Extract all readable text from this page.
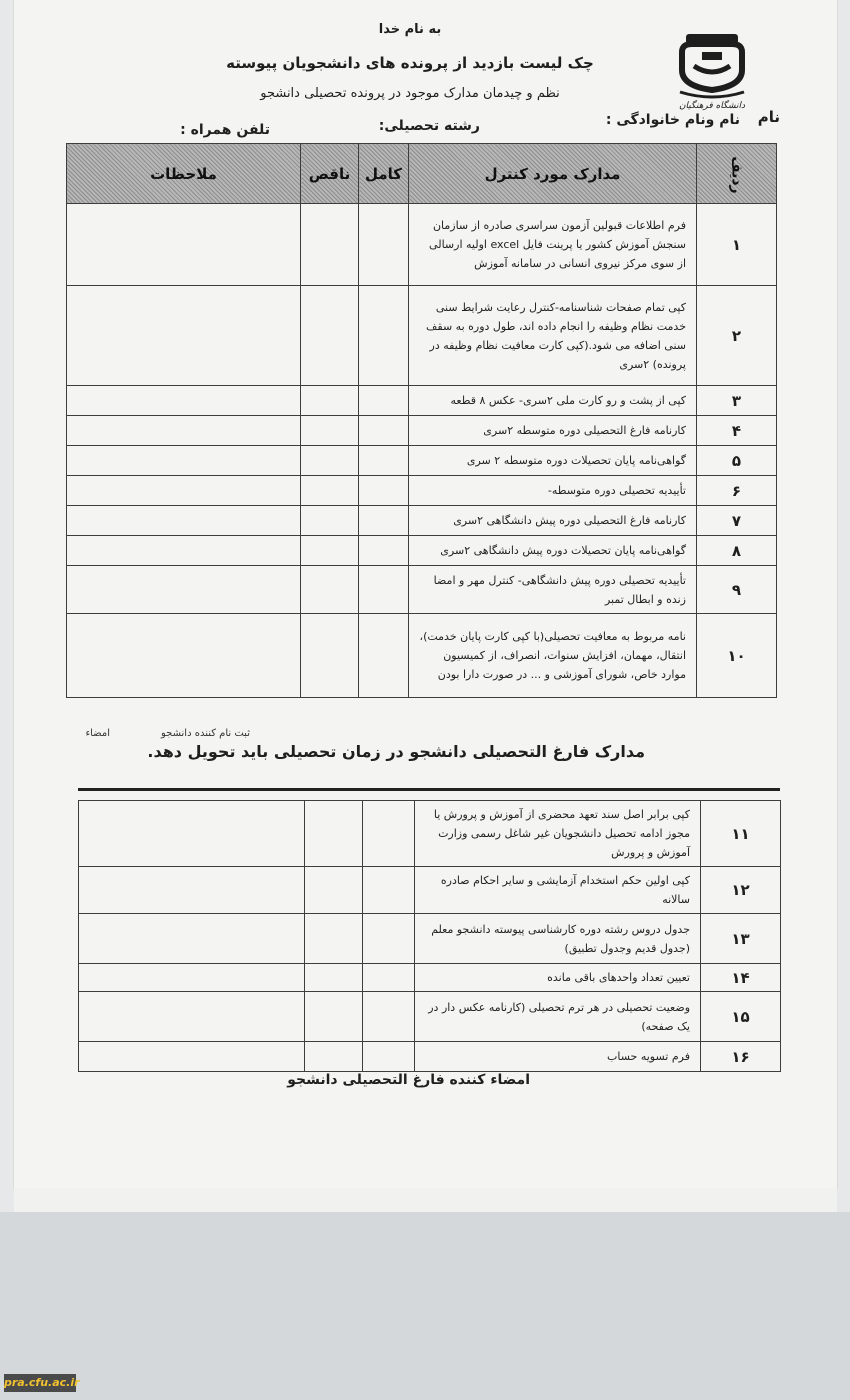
دانشگاه فرهنگیان
به نام خدا
چک لیست بازدید از پرونده های دانشجویان پیوسته
نظم و چیدمان مدارک موجود در پرونده تحصیلی دانشجو
نام
نام ونام خانوادگی :
رشته تحصیلی:
تلفن همراه :
ردیف	مدارک مورد کنترل	کامل	ناقص	ملاحظات
۱	فرم اطلاعات قبولین آزمون سراسری صادره از سازمان سنجش آموزش کشور یا پرینت فایل excel اولیه ارسالی از سوی مرکز نیروی انسانی در سامانه آموزش			
۲	کپی تمام صفحات شناسنامه-کنترل رعایت شرایط سنی خدمت نظام وظیفه را انجام داده اند، طول دوره به سقف سنی اضافه می شود.(کپی کارت معافیت نظام وظیفه در پرونده) ۲سری			
۳	کپی از پشت و رو کارت ملی ۲سری- عکس ۸ قطعه			
۴	کارنامه فارغ التحصیلی دوره متوسطه ۲سری			
۵	گواهی‌نامه پایان تحصیلات دوره متوسطه ۲ سری			
۶	تأییدیه تحصیلی دوره متوسطه-			
۷	کارنامه فارغ التحصیلی دوره پیش دانشگاهی ۲سری			
۸	گواهی‌نامه پایان تحصیلات دوره پیش دانشگاهی ۲سری			
۹	تأییدیه تحصیلی دوره پیش دانشگاهی- کنترل مهر و امضا زنده و ابطال تمبر			
۱۰	نامه مربوط به معافیت تحصیلی(با کپی کارت پایان خدمت)، انتقال، مهمان، افزایش سنوات، انصراف، از کمیسیون موارد خاص، شورای آموزشی و ... در صورت دارا بودن			
ثبت نام کننده دانشجو
امضاء
مدارک فارغ التحصیلی دانشجو در زمان تحصیلی باید تحویل دهد.
۱۱	کپی برابر اصل سند تعهد محضری از آموزش و پرورش یا مجوز ادامه تحصیل دانشجویان غیر شاغل رسمی وزارت آموزش و پرورش			
۱۲	کپی اولین حکم استخدام آزمایشی و سایر احکام صادره سالانه			
۱۳	جدول دروس رشته دوره کارشناسی پیوسته دانشجو معلم (جدول قدیم وجدول تطبیق)			
۱۴	تعیین تعداد واحدهای باقی مانده			
۱۵	وضعیت تحصیلی در هر ترم تحصیلی (کارنامه عکس دار در یک صفحه)			
۱۶	فرم تسویه حساب			
امضاء کننده فارغ التحصیلی دانشجو
pra.cfu.ac.ir
